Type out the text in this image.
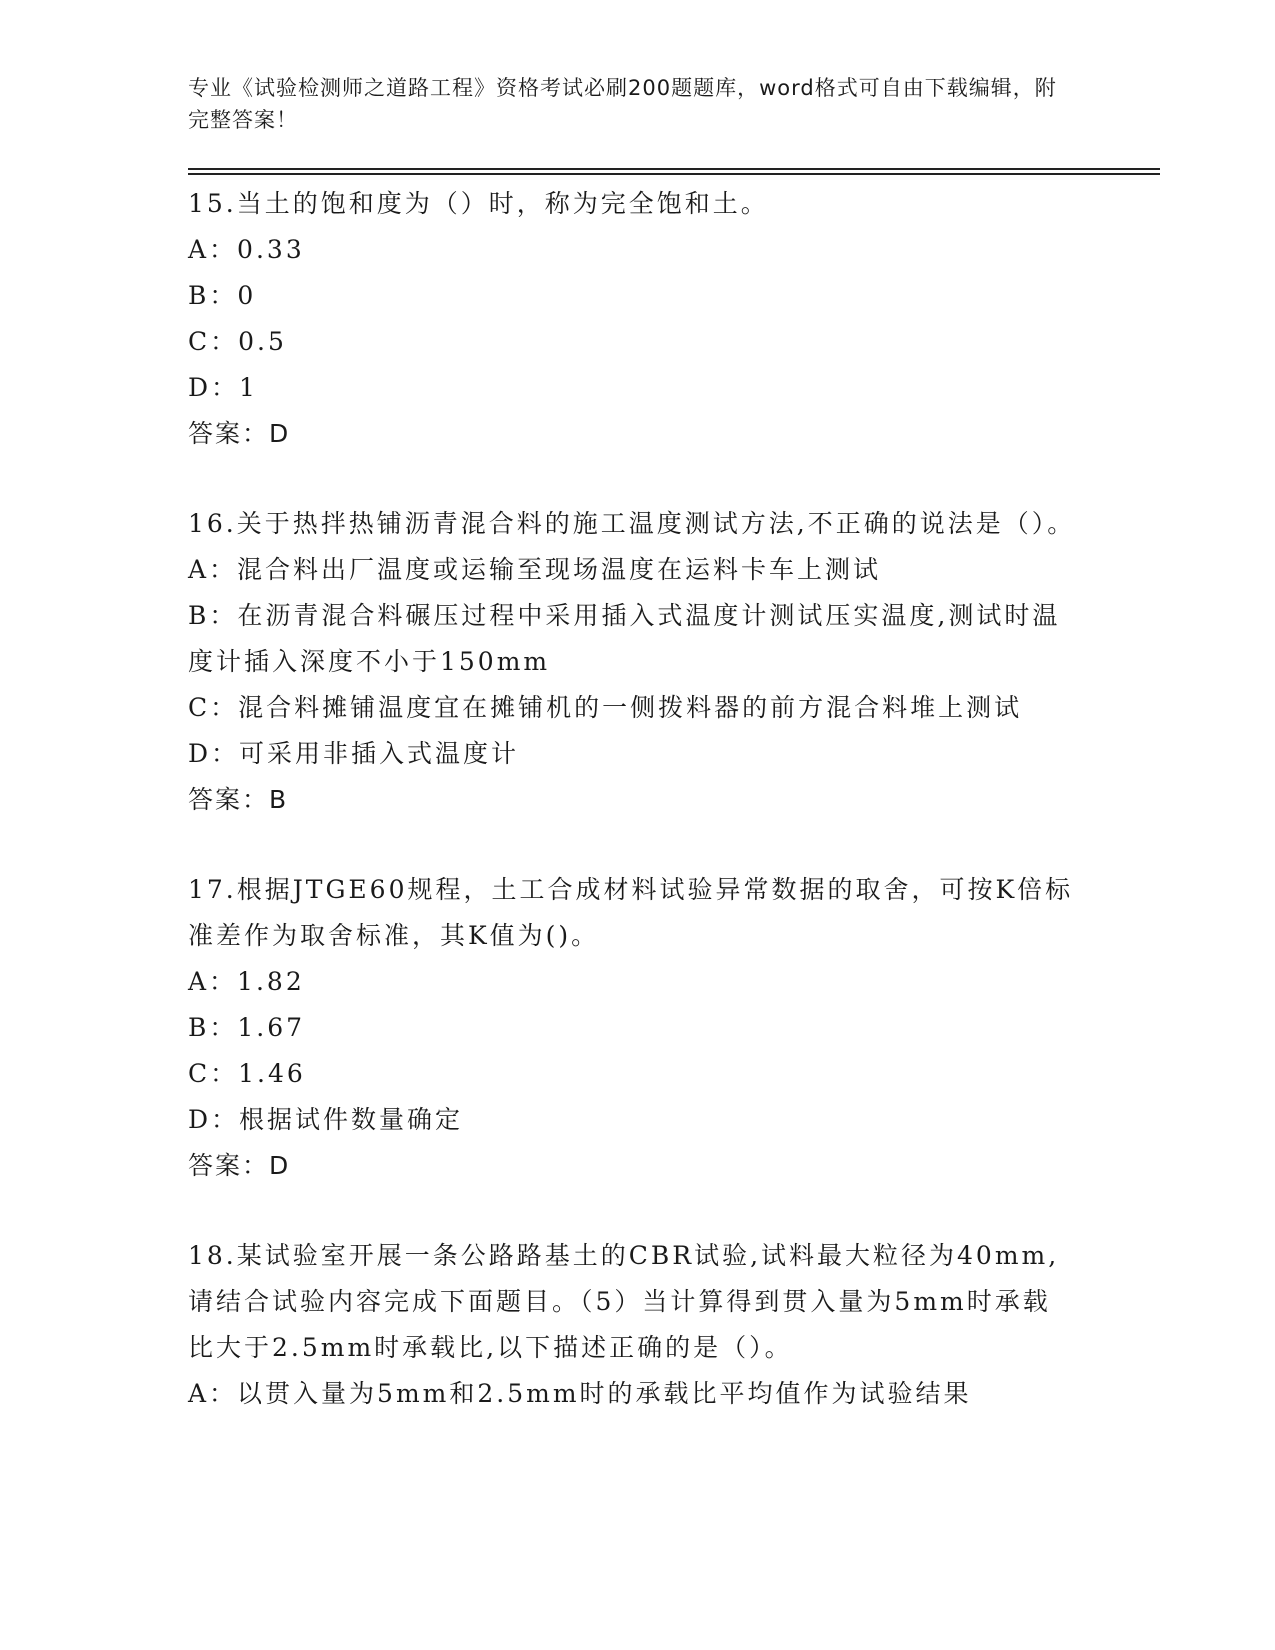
专业《试验检测师之道路工程》资格考试必刷200题题库，word格式可自由下载编辑，附完整答案！
15.当土的饱和度为（）时，称为完全饱和土。
A：0.33
B：0
C：0.5
D：1
答案：D
16.关于热拌热铺沥青混合料的施工温度测试方法,不正确的说法是（）。
A：混合料出厂温度或运输至现场温度在运料卡车上测试
B：在沥青混合料碾压过程中采用插入式温度计测试压实温度,测试时温度计插入深度不小于150mm
C：混合料摊铺温度宜在摊铺机的一侧拨料器的前方混合料堆上测试
D：可采用非插入式温度计
答案：B
17.根据JTGE60规程，土工合成材料试验异常数据的取舍，可按K倍标准差作为取舍标准，其K值为()。
A：1.82
B：1.67
C：1.46
D：根据试件数量确定
答案：D
18.某试验室开展一条公路路基土的CBR试验,试料最大粒径为40mm,请结合试验内容完成下面题目。（5）当计算得到贯入量为5mm时承载比大于2.5mm时承载比,以下描述正确的是（）。
A：以贯入量为5mm和2.5mm时的承载比平均值作为试验结果
